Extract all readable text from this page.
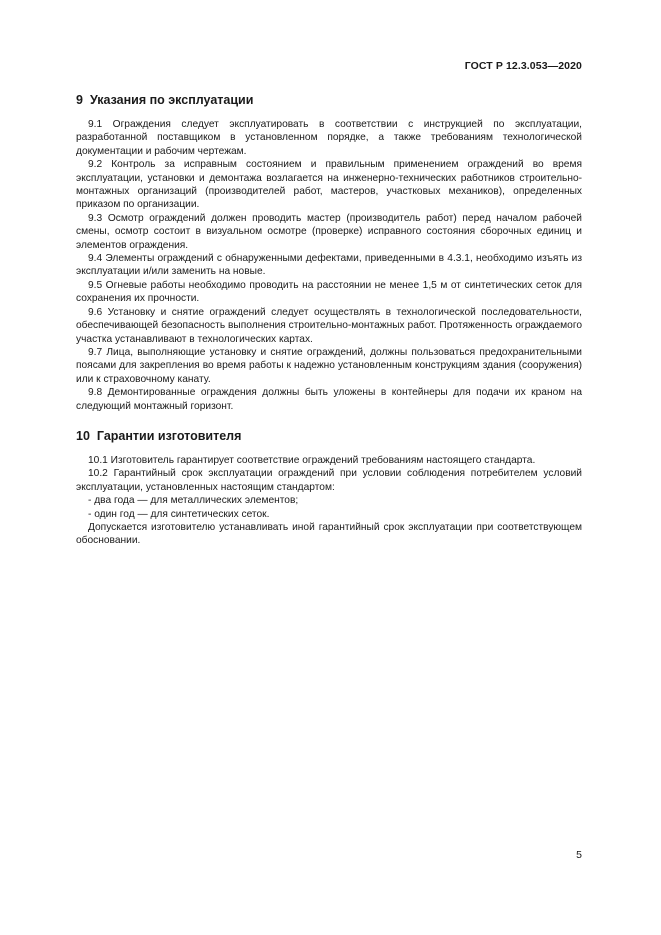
ГОСТ Р 12.3.053—2020
9 Указания по эксплуатации

9.1 Ограждения следует эксплуатировать в соответствии с инструкцией по эксплуатации, разработанной поставщиком в установленном порядке, а также требованиям технологической документации и рабочим чертежам.

9.2 Контроль за исправным состоянием и правильным применением ограждений во время эксплуатации, установки и демонтажа возлагается на инженерно-технических работников строительно-монтажных организаций (производителей работ, мастеров, участковых механиков), определенных приказом по организации.

9.3 Осмотр ограждений должен проводить мастер (производитель работ) перед началом рабочей смены, осмотр состоит в визуальном осмотре (проверке) исправного состояния сборочных единиц и элементов ограждения.

9.4 Элементы ограждений с обнаруженными дефектами, приведенными в 4.3.1, необходимо изъять из эксплуатации и/или заменить на новые.

9.5 Огневые работы необходимо проводить на расстоянии не менее 1,5 м от синтетических сеток для сохранения их прочности.

9.6 Установку и снятие ограждений следует осуществлять в технологической последовательности, обеспечивающей безопасность выполнения строительно-монтажных работ. Протяженность ограждаемого участка устанавливают в технологических картах.

9.7 Лица, выполняющие установку и снятие ограждений, должны пользоваться предохранительными поясами для закрепления во время работы к надежно установленным конструкциям здания (сооружения) или к страховочному канату.

9.8 Демонтированные ограждения должны быть уложены в контейнеры для подачи их краном на следующий монтажный горизонт.

10 Гарантии изготовителя

10.1 Изготовитель гарантирует соответствие ограждений требованиям настоящего стандарта.

10.2 Гарантийный срок эксплуатации ограждений при условии соблюдения потребителем условий эксплуатации, установленных настоящим стандартом:

- два года — для металлических элементов;

- один год — для синтетических сеток.

Допускается изготовителю устанавливать иной гарантийный срок эксплуатации при соответствующем обосновании.

5
